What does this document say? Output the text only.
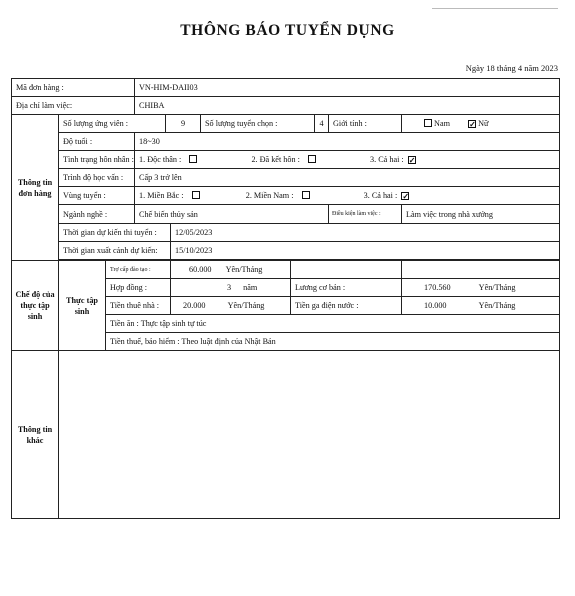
THÔNG BÁO TUYỂN DỤNG
Ngày 18 tháng 4 năm 2023
Mã đơn hàng :			VN-HIM-DAII03							
Địa chỉ làm việc:			CHIBA							
Thông tin đơn hàng	Số lượng ứng viên :			9		Số lượng tuyển chọn :		4	Giới tính :	Nam ✓ Nữ
	Độ tuổi :		18~30							
	Tình trạng hôn nhân :		1. Độc thân : 2. Đã kết hôn : 3. Cả hai : ✓							
	Trình độ học vấn :		Cấp 3 trở lên							
	Vùng tuyển :		1. Miền Bắc : 2. Miền Nam : 3. Cả hai : ✓							
	Ngành nghề :		Chế biến thủy sản						Điều kiện làm việc :	Làm việc trong nhà xưởng
	Thời gian dự kiến thi tuyển :				12/05/2023					
	Thời gian xuất cảnh dự kiến:				15/10/2023					

Chế độ của thực tập sinh	Thực tập sinh	Trợ cấp đào tạo :			60.000 Yên/Tháng					
		Hợp đồng :			3 năm		Lương cơ bản :			170.560 Yên/Tháng
		Tiền thuê nhà :			20.000 Yên/Tháng		Tiền ga điện nước :			10.000 Yên/Tháng
		Tiền ăn : Thực tập sinh tự túc								
		Tiền thuế, bảo hiểm : Theo luật định của Nhật Bản								
Thông tin khác										
